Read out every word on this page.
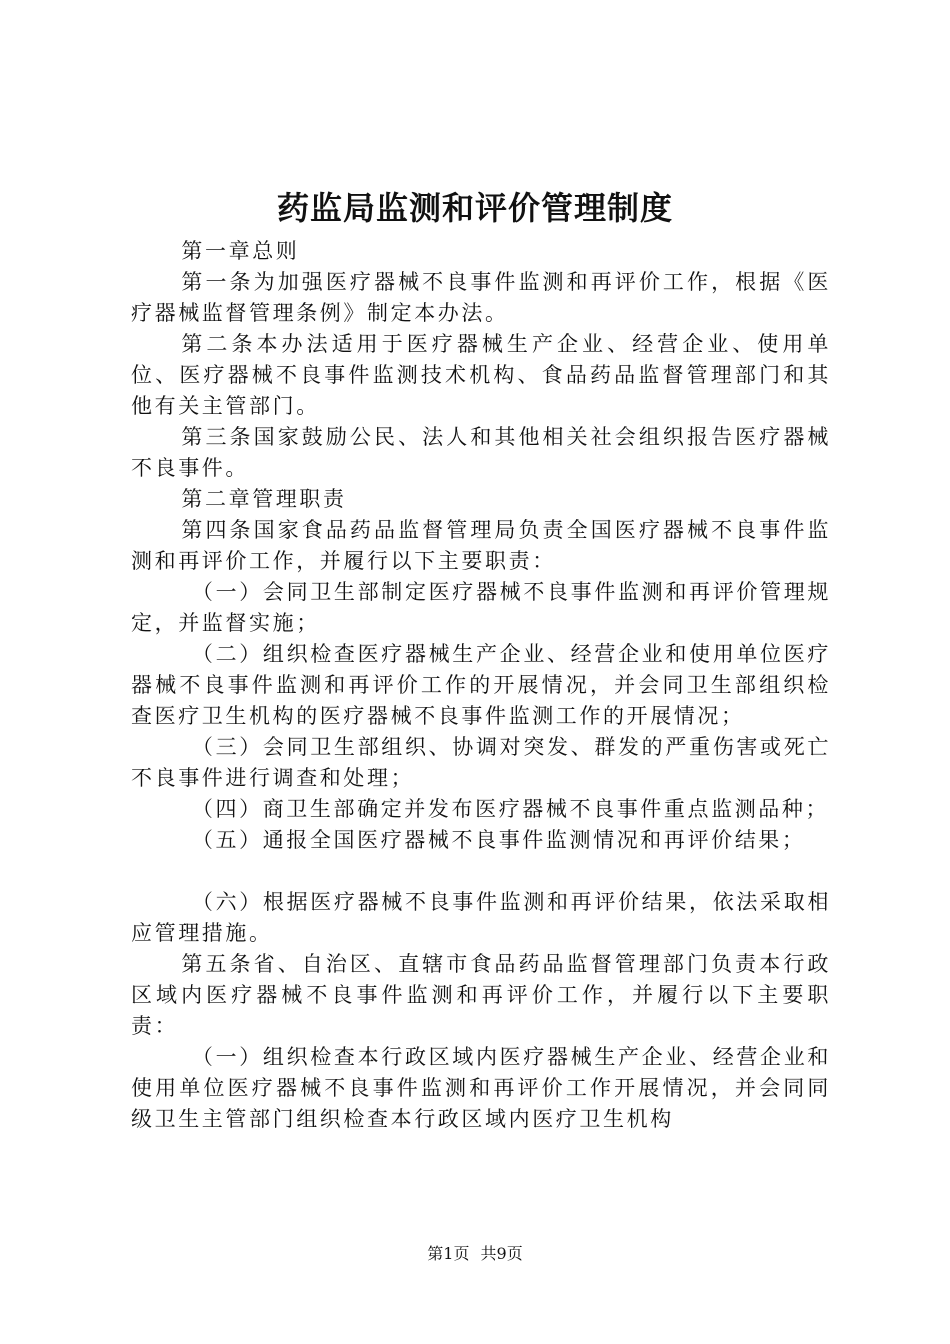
药监局监测和评价管理制度

第一章总则

第一条为加强医疗器械不良事件监测和再评价工作，根据《医疗器械监督管理条例》制定本办法。

第二条本办法适用于医疗器械生产企业、经营企业、使用单位、医疗器械不良事件监测技术机构、食品药品监督管理部门和其他有关主管部门。

第三条国家鼓励公民、法人和其他相关社会组织报告医疗器械不良事件。

第二章管理职责

第四条国家食品药品监督管理局负责全国医疗器械不良事件监测和再评价工作，并履行以下主要职责：

（一）会同卫生部制定医疗器械不良事件监测和再评价管理规定，并监督实施；

（二）组织检查医疗器械生产企业、经营企业和使用单位医疗器械不良事件监测和再评价工作的开展情况，并会同卫生部组织检查医疗卫生机构的医疗器械不良事件监测工作的开展情况；

（三）会同卫生部组织、协调对突发、群发的严重伤害或死亡不良事件进行调查和处理；

（四）商卫生部确定并发布医疗器械不良事件重点监测品种；

（五）通报全国医疗器械不良事件监测情况和再评价结果；

（六）根据医疗器械不良事件监测和再评价结果，依法采取相应管理措施。

第五条省、自治区、直辖市食品药品监督管理部门负责本行政区域内医疗器械不良事件监测和再评价工作，并履行以下主要职责：

（一）组织检查本行政区域内医疗器械生产企业、经营企业和使用单位医疗器械不良事件监测和再评价工作开展情况，并会同同级卫生主管部门组织检查本行政区域内医疗卫生机构

第1页 共9页
